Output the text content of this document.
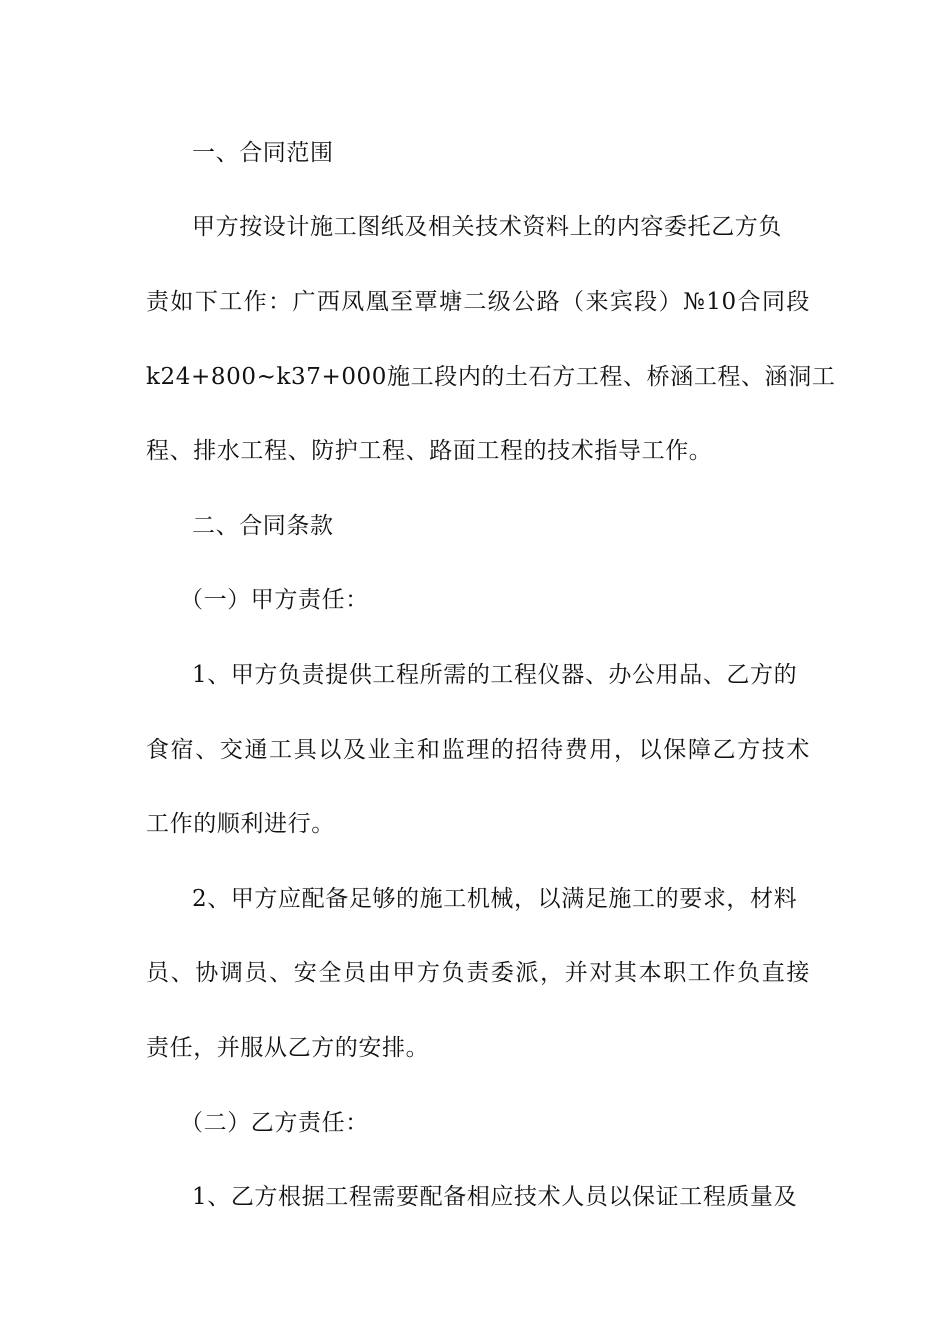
一、合同范围
甲方按设计施工图纸及相关技术资料上的内容委托乙方负
责如下工作：广西凤凰至覃塘二级公路（来宾段）№10合同段
k24+800~k37+000施工段内的土石方工程、桥涵工程、涵洞工
程、排水工程、防护工程、路面工程的技术指导工作。
二、合同条款
（一）甲方责任：
1、甲方负责提供工程所需的工程仪器、办公用品、乙方的
食宿、交通工具以及业主和监理的招待费用，以保障乙方技术
工作的顺利进行。
2、甲方应配备足够的施工机械，以满足施工的要求，材料
员、协调员、安全员由甲方负责委派，并对其本职工作负直接
责任，并服从乙方的安排。
（二）乙方责任：
1、乙方根据工程需要配备相应技术人员以保证工程质量及
